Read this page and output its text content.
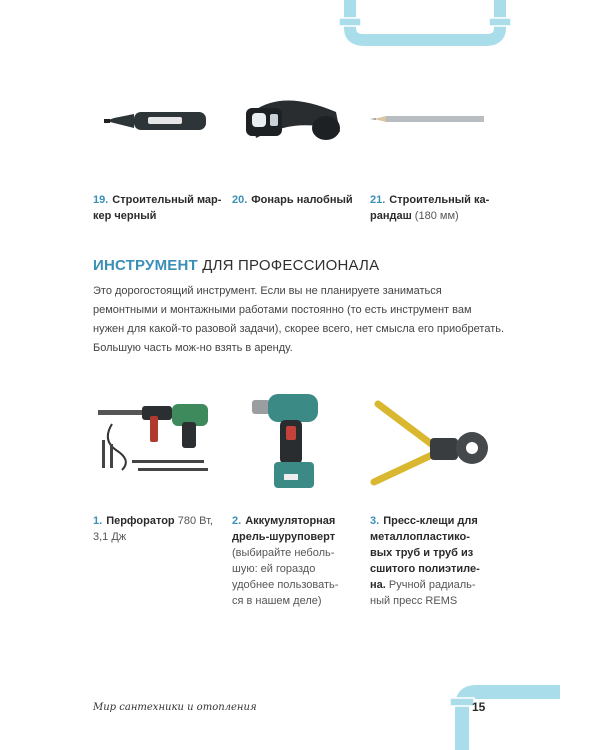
19. Строительный мар-
кер черный
20. Фонарь налобный	21. Строительный ка-
рандаш (180 мм)
ИНСТРУМЕНТ ДЛЯ ПРОФЕССИОНАЛА
Это дорогостоящий инструмент. Если вы не планируете заниматься ремонтными и монтажными работами постоянно (то есть инструмент вам нужен для какой-то разовой задачи), скорее всего, нет смысла его приобретать. Большую часть мож-но взять в аренду.
1. Перфоратор 780 Вт,
3,1 Дж
2. Аккумуляторная
дрель-шуруповерт
(выбирайте неболь-
шую: ей гораздо
удобнее пользовать-
ся в нашем деле)
3. Пресс-клещи для
металлопластико-
вых труб и труб из
сшитого полиэтиле-
на. Ручной радиаль-
ный пресс REMS
Мир сантехники и отопления	15
